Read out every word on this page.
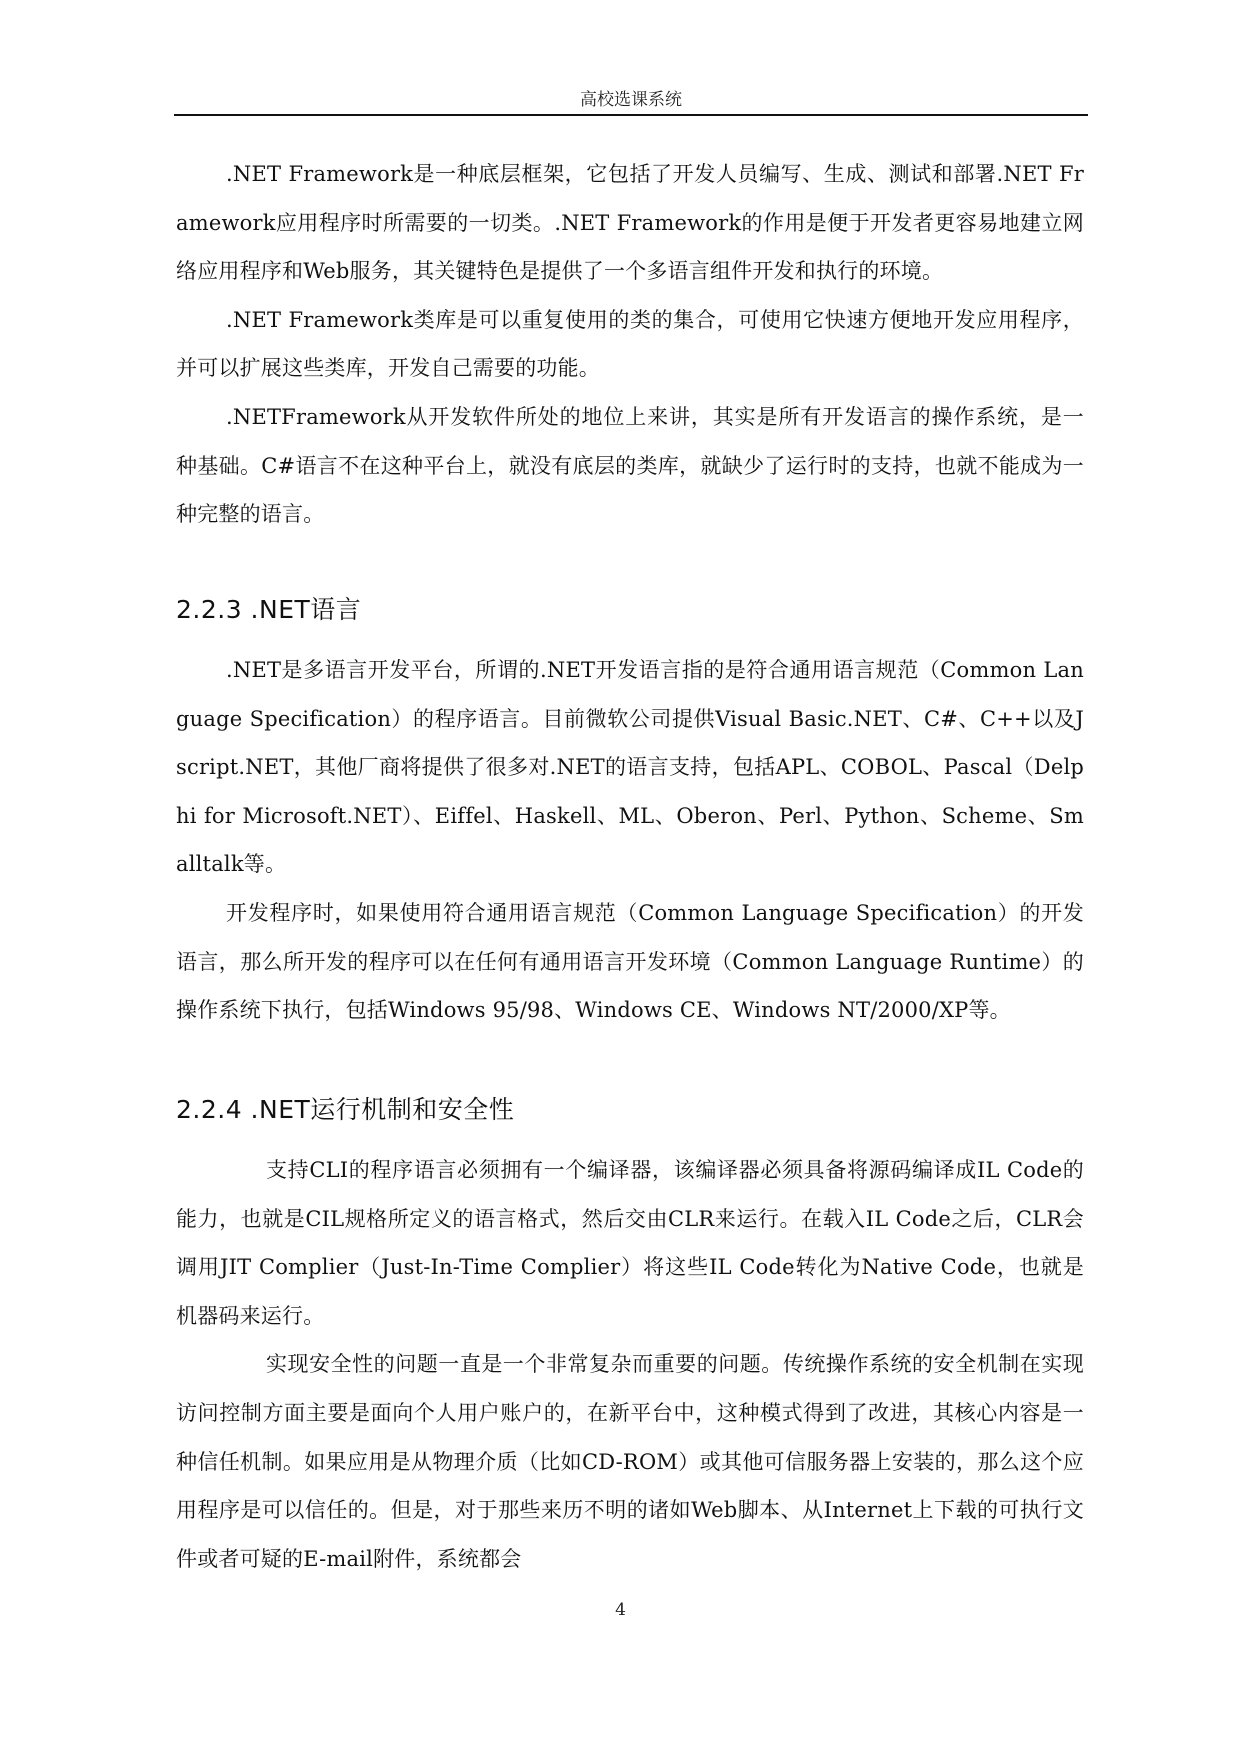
高校选课系统

.NET Framework是一种底层框架，它包括了开发人员编写、生成、测试和部署.NET Framework应用程序时所需要的一切类。.NET Framework的作用是便于开发者更容易地建立网络应用程序和Web服务，其关键特色是提供了一个多语言组件开发和执行的环境。

.NET Framework类库是可以重复使用的类的集合，可使用它快速方便地开发应用程序，并可以扩展这些类库，开发自己需要的功能。

.NETFramework从开发软件所处的地位上来讲，其实是所有开发语言的操作系统，是一种基础。C#语言不在这种平台上，就没有底层的类库，就缺少了运行时的支持，也就不能成为一种完整的语言。

2.2.3 .NET语言

.NET是多语言开发平台，所谓的.NET开发语言指的是符合通用语言规范（Common Language Specification）的程序语言。目前微软公司提供Visual Basic.NET、C#、C++以及Jscript.NET，其他厂商将提供了很多对.NET的语言支持，包括APL、COBOL、Pascal（Delphi for Microsoft.NET）、Eiffel、Haskell、ML、Oberon、Perl、Python、Scheme、Smalltalk等。

开发程序时，如果使用符合通用语言规范（Common Language Specification）的开发语言，那么所开发的程序可以在任何有通用语言开发环境（Common Language Runtime）的操作系统下执行，包括Windows 95/98、Windows CE、Windows NT/2000/XP等。

2.2.4 .NET运行机制和安全性

支持CLI的程序语言必须拥有一个编译器，该编译器必须具备将源码编译成IL Code的能力，也就是CIL规格所定义的语言格式，然后交由CLR来运行。在载入IL Code之后，CLR会调用JIT Complier（Just-In-Time Complier）将这些IL Code转化为Native Code，也就是机器码来运行。

实现安全性的问题一直是一个非常复杂而重要的问题。传统操作系统的安全机制在实现访问控制方面主要是面向个人用户账户的，在新平台中，这种模式得到了改进，其核心内容是一种信任机制。如果应用是从物理介质（比如CD-ROM）或其他可信服务器上安装的，那么这个应用程序是可以信任的。但是，对于那些来历不明的诸如Web脚本、从Internet上下载的可执行文件或者可疑的E-mail附件，系统都会

4
